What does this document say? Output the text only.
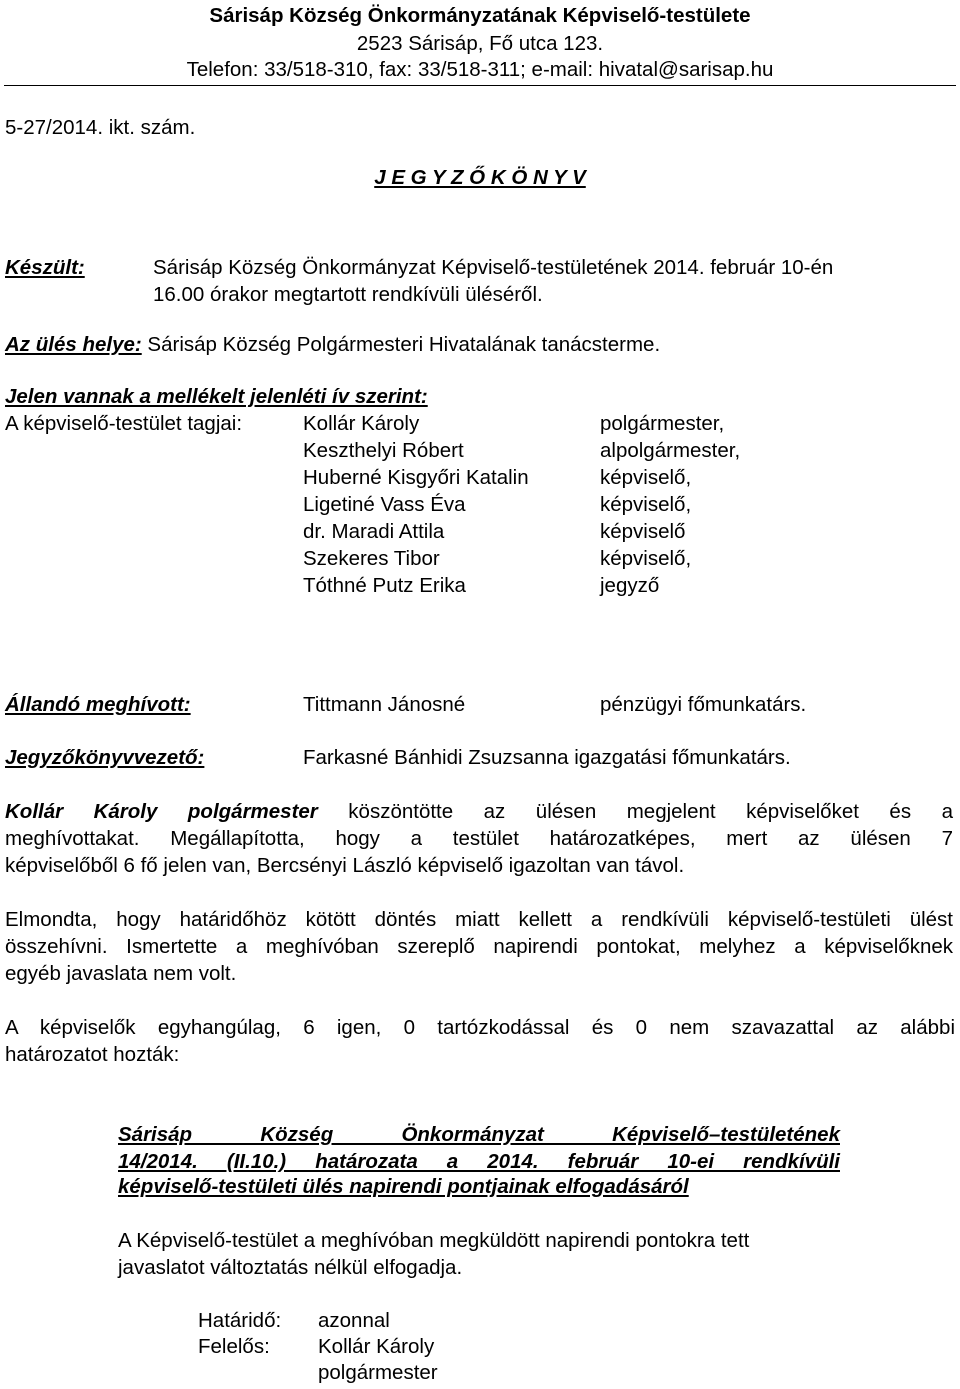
Sárisáp Község Önkormányzatának Képviselő-testülete
2523 Sárisáp, Fő utca 123.
Telefon: 33/518-310, fax: 33/518-311; e-mail: hivatal@sarisap.hu
5-27/2014. ikt. szám.
J E G Y Z Ő K Ö N Y V
Készült:	Sárisáp Község Önkormányzat Képviselő-testületének 2014. február 10-én
16.00 órakor megtartott rendkívüli üléséről.
Az ülés helye: Sárisáp Község Polgármesteri Hivatalának tanácsterme.
Jelen vannak a mellékelt jelenléti ív szerint:
A képviselő-testület tagjai:	Kollár Károly	polgármester,
Keszthelyi Róbert	alpolgármester,
Huberné Kisgyőri Katalin	képviselő,
Ligetiné Vass Éva	képviselő,
dr. Maradi Attila	képviselő
Szekeres Tibor	képviselő,
Tóthné Putz Erika	jegyző
Állandó meghívott:	Tittmann Jánosné	pénzügyi főmunkatárs.
Jegyzőkönyvvezető:	Farkasné Bánhidi Zsuzsanna igazgatási főmunkatárs.
Kollár Károly polgármester köszöntötte az ülésen megjelent képviselőket és a
meghívottakat. Megállapította, hogy a testület határozatképes, mert az ülésen 7
képviselőből 6 fő jelen van, Bercsényi László képviselő igazoltan van távol.
Elmondta, hogy határidőhöz kötött döntés miatt kellett a rendkívüli képviselő-testületi ülést
összehívni. Ismertette a meghívóban szereplő napirendi pontokat, melyhez a képviselőknek
egyéb javaslata nem volt.
A képviselők egyhangúlag, 6 igen, 0 tartózkodással és 0 nem szavazattal az alábbi
határozatot hozták:
Sárisáp Község Önkormányzat Képviselő–testületének
14/2014. (II.10.) határozata a 2014. február 10-ei rendkívüli
képviselő-testületi ülés napirendi pontjainak elfogadásáról
A Képviselő-testület a meghívóban megküldött napirendi pontokra tett
javaslatot változtatás nélkül elfogadja.
Határidő: azonnal
Felelős: Kollár Károly
polgármester
